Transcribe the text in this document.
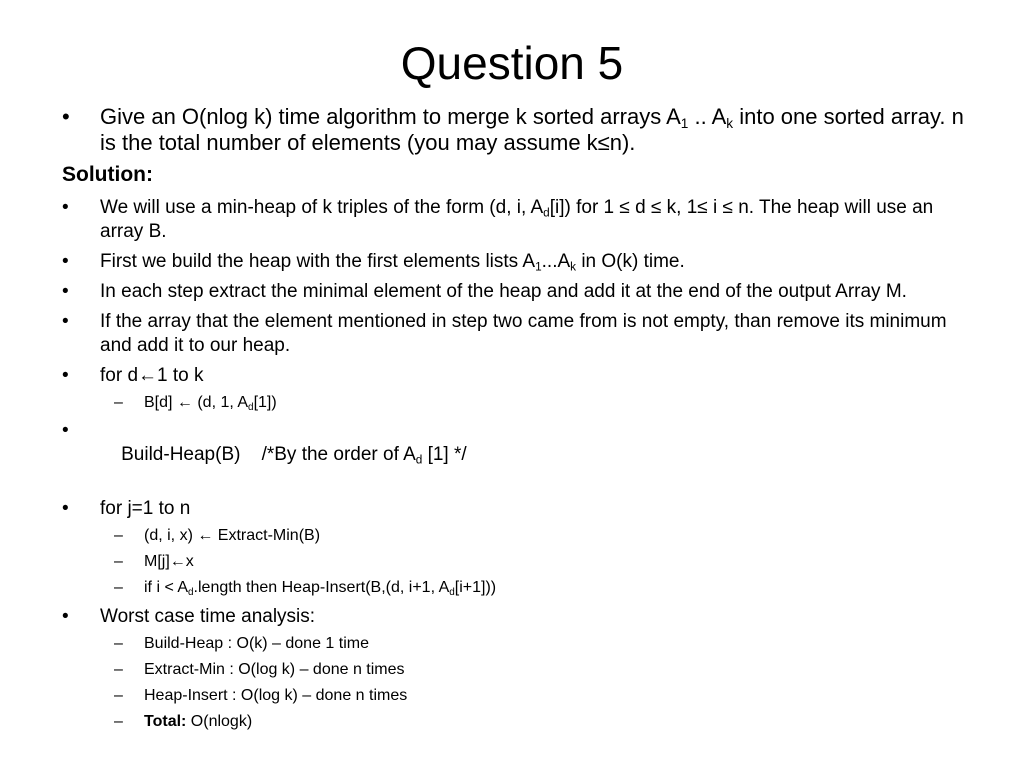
Question 5
• Give an O(nlog k) time algorithm to merge k sorted arrays $A_1$ .. $A_k$ into one sorted array. n is the total number of elements (you may assume k≤n).
Solution:
• We will use a min-heap of k triples of the form (d, i, $A_d[i]$) for 1 ≤ d ≤ k, 1≤ i ≤ n. The heap will use an array B.
• First we build the heap with the first elements lists $A_1...A_k$ in O(k) time.
• In each step extract the minimal element of the heap and add it at the end of the output Array M.
• If the array that the element mentioned in step two came from is not empty, than remove its minimum and add it to our heap.
• for d←1 to k
– B[d] ← (d, 1, $A_d[1]$)

• Build-Heap(B)    /*By the order of $A_d$ [1] */

• for j=1 to n
– (d, i, x) ← Extract-Min(B)
– M[j]←x
– if $i < A_d.length$ then Heap-Insert(B,(d, i+1, $A_d[i+1]$))
• Worst case time analysis:
– Build-Heap : O(k) – done 1 time
– Extract-Min : O(log k) – done n times
– Heap-Insert : O(log k) – done n times
– Total: O(nlogk)
